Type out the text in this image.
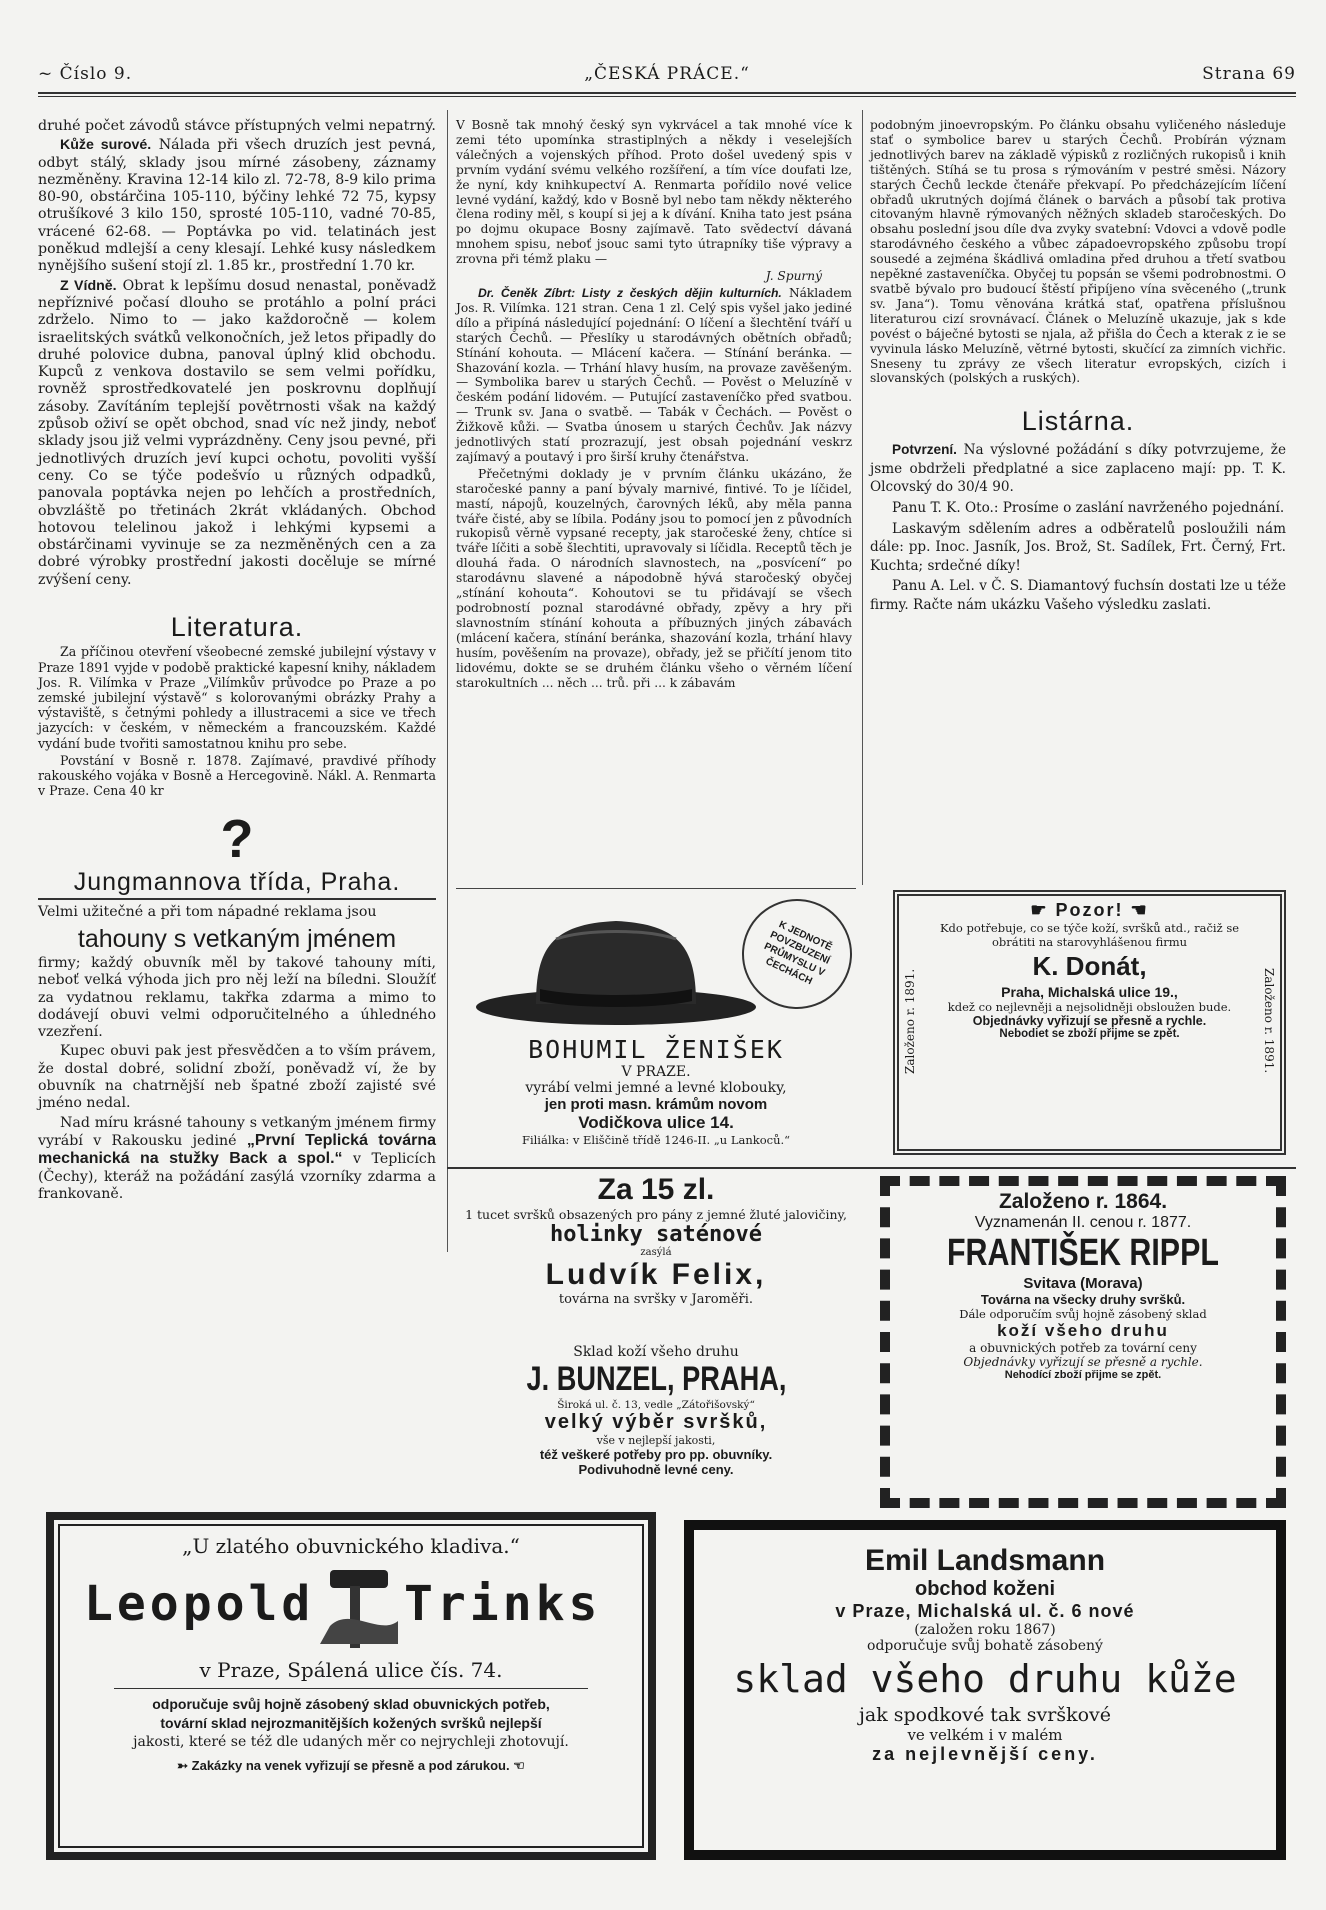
~ Číslo 9.	„ČESKÁ PRÁCE.“	Strana 69

druhé počet závodů stávce přístupných velmi nepatrný.

Kůže surové. Nálada při všech druzích jest pevná, odbyt stálý, sklady jsou mírné zásobeny, záznamy nezměněny. Kravina 12-14 kilo zl. 72-78, 8-9 kilo prima 80-90, obstárčina 105-110, býčiny lehké 72 75, kypsy otrušíkové 3 kilo 150, sprosté 105-110, vadné 70-85, vrácené 62-68. — Poptávka po vid. telatinách jest poněkud mdlejší a ceny klesají. Lehké kusy následkem nynějšího sušení stojí zl. 1.85 kr., prostřední 1.70 kr.

Z Vídně. Obrat k lepšímu dosud nenastal, poněvadž nepříznivé počasí dlouho se protáhlo a polní práci zdrželo. Nimo to — jako každoročně — kolem israelitských svátků velkonočních, jež letos připadly do druhé polovice dubna, panoval úplný klid obchodu. Kupců z venkova dostavilo se sem velmi pořídku, rovněž sprostředkovatelé jen poskrovnu doplňují zásoby. Zavítáním teplejší povětrnosti však na každý způsob oživí se opět obchod, snad víc než jindy, neboť sklady jsou již velmi vyprázdněny. Ceny jsou pevné, při jednotlivých druzích jeví kupci ochotu, povoliti vyšší ceny. Co se týče podešvío u různých odpadků, panovala poptávka nejen po lehčích a prostředních, obvzláště po třetinách 2krát vkládaných. Obchod hotovou telelinou jakož i lehkými kypsemi a obstárčinami vyvinuje se za nezměněných cen a za dobré výrobky prostřední jakosti docěluje se mírné zvýšení ceny.

Literatura.

Za příčinou otevření všeobecné zemské jubilejní výstavy v Praze 1891 vyjde v podobě praktické kapesní knihy, nákladem Jos. R. Vilímka v Praze „Vilímkův průvodce po Praze a po zemské jubilejní výstavě“ s kolorovanými obrázky Prahy a výstaviště, s četnými pohledy a illustracemi a sice ve třech jazycích: v českém, v německém a francouzském. Každé vydání bude tvořiti samostatnou knihu pro sebe.

Povstání v Bosně r. 1878. Zajímavé, pravdivé příhody rakouského vojáka v Bosně a Hercegovině. Nákl. A. Renmarta v Praze. Cena 40 kr

?
Jungmannova třída, Praha.

Velmi užitečné a při tom nápadné reklama jsou

tahouny s vetkaným jménem

firmy; každý obuvník měl by takové tahouny míti, neboť velká výhoda jich pro něj leží na bíledni. Sloužíť za vydatnou reklamu, takřka zdarma a mimo to dodávejí obuvi velmi odporučitelného a úhledného vzezření.

Kupec obuvi pak jest přesvědčen a to vším právem, že dostal dobré, solidní zboží, poněvadž ví, že by obuvník na chatrnější neb špatné zboží zajisté své jméno nedal.

Nad míru krásné tahouny s vetkaným jménem firmy vyrábí v Rakousku jediné „První Teplická továrna mechanická na stužky Back a spol.“ v Teplicích (Čechy), kteráž na požádání zasýlá vzorníky zdarma a frankovaně.

V Bosně tak mnohý český syn vykrvácel a tak mnohé více k zemi této upomínka strastiplných a někdy i veselejších válečných a vojenských příhod. Proto došel uvedený spis v prvním vydání svému velkého rozšíření, a tím více doufati lze, že nyní, kdy knihkupectví A. Renmarta pořídilo nové velice levné vydání, každý, kdo v Bosně byl nebo tam někdy některého člena rodiny měl, s koupí si jej a k dívání. Kniha tato jest psána po dojmu okupace Bosny zajímavě. Tato svědectví dávaná mnohem spisu, neboť jsouc sami tyto útrapníky tiše výpravy a zrovna při témž plaku —

J. Spurný

Dr. Čeněk Zíbrt: Listy z českých dějin kulturních. Nákladem Jos. R. Vilímka. 121 stran. Cena 1 zl. Celý spis vyšel jako jediné dílo a připíná následující pojednání: O líčení a šlechtění tváří u starých Čechů. — Přeslíky u starodávných obětních obřadů; Stínání kohouta. — Mlácení kačera. — Stínání beránka. — Shazování kozla. — Trhání hlavy husím, na provaze zavěšeným. — Symbolika barev u starých Čechů. — Pověst o Meluzíně v českém podání lidovém. — Putující zastaveníčko před svatbou. — Trunk sv. Jana o svatbě. — Tabák v Čechách. — Pověst o Žižkově kůži. — Svatba únosem u starých Čechův. Jak názvy jednotlivých statí prozrazují, jest obsah pojednání veskrz zajímavý a poutavý i pro širší kruhy čtenářstva.

Přečetnými doklady je v prvním článku ukázáno, že staročeské panny a paní bývaly marnivé, fintivé. To je líčidel, mastí, nápojů, kouzelných, čarovných léků, aby měla panna tváře čisté, aby se líbila. Podány jsou to pomocí jen z původních rukopisů věrně vypsané recepty, jak staročeské ženy, chtíce si tváře líčiti a sobě šlechtiti, upravovaly si líčidla. Receptů těch je dlouhá řada. O národních slavnostech, na „posvícení“ po starodávnu slavené a nápodobně hývá staročeský obyčej „stínání kohouta“. Kohoutovi se tu přidávají se všech podrobností poznal starodávné obřady, zpěvy a hry při slavnostním stínání kohouta a příbuzných jiných zábavách (mlácení kačera, stínání beránka, shazování kozla, trhání hlavy husím, pověšením na provaze), obřady, jež se přičítí jenom tito lidovému, dokte se se druhém článku všeho o věrném líčení starokultních ... něch ... trů. při ... k zábavám

podobným jinoevropským. Po článku obsahu vyličeného následuje stať o symbolice barev u starých Čechů. Probírán význam jednotlivých barev na základě výpisků z rozličných rukopisů i knih tištěných. Stíhá se tu prosa s rýmováním v pestré směsi. Názory starých Čechů leckde čtenáře překvapí. Po předcházejícím líčení obřadů ukrutných dojímá článek o barvách a působí tak protiva citovaným hlavně rýmovaných něžných skladeb staročeských. Do obsahu poslední jsou díle dva zvyky svatební: Vdovci a vdově podle starodávného českého a vůbec západoevropského způsobu tropí sousedé a zejména škádlivá omladina před druhou a třetí svatbou nepěkné zastaveníčka. Obyčej tu popsán se všemi podrobnostmi. O svatbě bývalo pro budoucí štěstí připíjeno vína svěceného („trunk sv. Jana“). Tomu věnována krátká stať, opatřena příslušnou literaturou cizí srovnávací. Článek o Meluzíně ukazuje, jak s kde povést o báječné bytosti se njala, až přišla do Čech a kterak z ie se vyvinula lásko Meluzíně, větrné bytosti, skučící za zimních vichřic. Sneseny tu zprávy ze všech literatur evropských, cizích i slovanských (polských a ruských).

Listárna.

Potvrzení. Na výslovné požádání s díky potvrzujeme, že jsme obdrželi předplatné a sice zaplaceno mají: pp. T. K. Olcovský do 30/4 90.

Panu T. K. Oto.: Prosíme o zaslání navrženého pojednání.

Laskavým sdělením adres a odběratelů posloužili nám dále: pp. Inoc. Jasník, Jos. Brož, St. Sadílek, Frt. Černý, Frt. Kuchta; srdečné díky!

Panu A. Lel. v Č. S. Diamantový fuchsín dostati lze u téže firmy. Račte nám ukázku Vašeho výsledku zaslati.

K JEDNOTĚ POVZBUZENÍ PRŮMYSLU V ČECHÁCH
BOHUMIL ŽENIŠEK
V PRAZE.
vyrábí velmi jemné a levné klobouky,
jen proti masn. krámům novom
Vodičkova ulice 14.
Filiálka: v Eliščině třídě 1246-II. „u Lankoců.“
Založeno r. 1891.	Založeno r. 1891.
☛ Pozor! ☚
Kdo potřebuje, co se týče koží, svršků atd., račiž se obrátiti na starovyhlášenou firmu
K. Donát,
Praha, Michalská ulice 19.,
kdež co nejlevněji a nejsolidněji obsloužen bude.
Objednávky vyřizují se přesně a rychle.
Nebodiet se zboží přijme se zpět.
Za 15 zl.
1 tucet svršků obsazených pro pány z jemné žluté jalovičiny,
holinky saténové
zasýlá
Ludvík Felix,
továrna na svršky v Jaroměři.
Sklad koží všeho druhu
J. BUNZEL, PRAHA,
Široká ul. č. 13, vedle „Zátořišovský“
velký výběr svršků,
vše v nejlepší jakosti,
též veškeré potřeby pro pp. obuvníky.
Podivuhodně levné ceny.
Založeno r. 1864.
Vyznamenán II. cenou r. 1877.
FRANTIŠEK RIPPL
Svitava (Morava)
Továrna na všecky druhy svršků.
Dále odporučím svůj hojně zásobený sklad
koží všeho druhu
a obuvnických potřeb za tovární ceny
Objednávky vyřizují se přesně a rychle.
Nehodící zboží přijme se zpět.
„U zlatého obuvnického kladiva.“
Leopold Trinks
v Praze, Spálená ulice čís. 74.
odporučuje svůj hojně zásobený sklad obuvnických potřeb,
tovární sklad nejrozmanitějších kožených svršků nejlepší
jakosti, které se též dle udaných měr co nejrychleji zhotovují.
➳ Zakázky na venek vyřizují se přesně a pod zárukou. ☜
Emil Landsmann
obchod koženi
v Praze, Michalská ul. č. 6 nové
(založen roku 1867)
odporučuje svůj bohatě zásobený
sklad všeho druhu kůže
jak spodkové tak svrškové
ve velkém i v malém
za nejlevnější ceny.
